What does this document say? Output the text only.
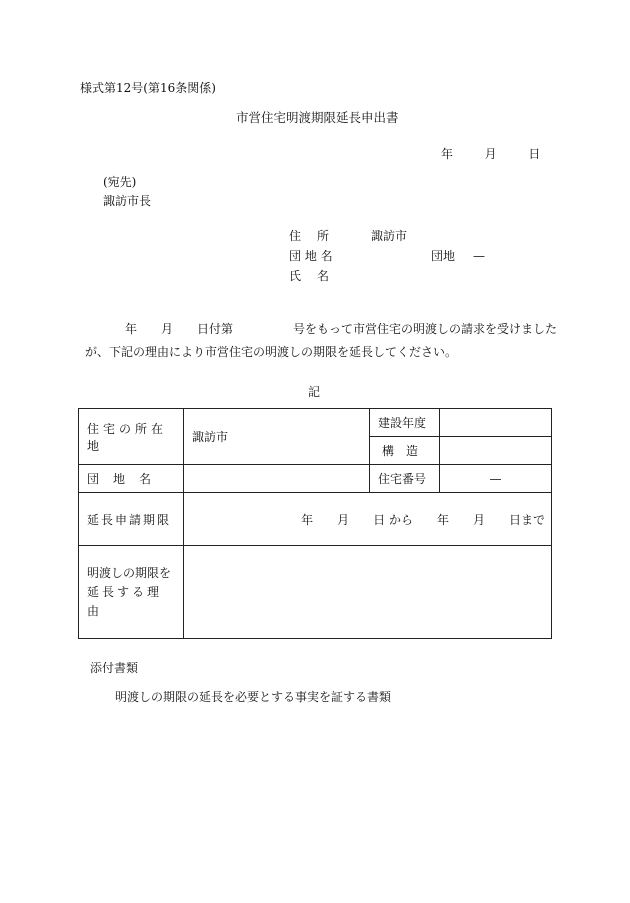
様式第12号(第16条関係)
市営住宅明渡期限延長申出書
年	月	日
(宛先)
諏訪市長
住　所	諏訪市
団 地 名	団地 —
氏　名
年　　月　　日付第　　　　　号をもって市営住宅の明渡しの請求を受けました
が、下記の理由により市営住宅の明渡しの期限を延長してください。
記
住宅の所在地	諏訪市	建設年度	
		構　造	
団　地　名		住宅番号	—
延長申請期限	年　　月　　日 から　　年　　月　　日まで		

明渡しの期限を
延長する理由			

添付書類
明渡しの期限の延長を必要とする事実を証する書類
